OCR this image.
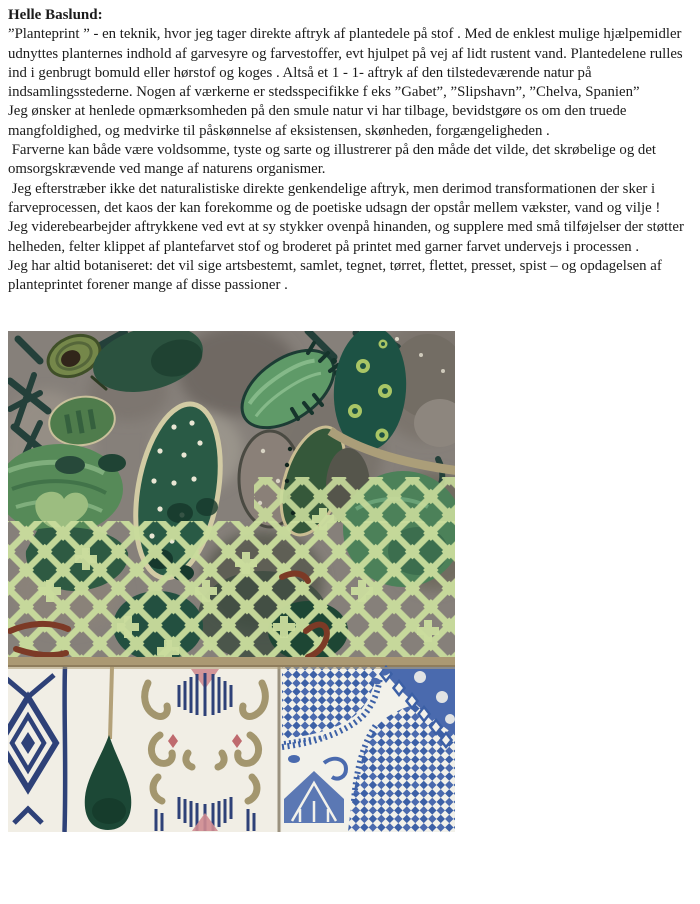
Helle Baslund:

”Planteprint ” - en teknik, hvor jeg tager direkte aftryk af plantedele på stof . Med de enklest mulige hjælpemidler udnyttes planternes indhold af garvesyre og farvestoffer, evt hjulpet på vej af lidt rustent vand. Plantedelene rulles ind i genbrugt bomuld eller hørstof og koges . Altså et 1 - 1- aftryk af den tilstedeværende natur på indsamlingsstederne. Nogen af værkerne er stedsspecifikke f eks ”Gabet”, ”Slipshavn”, ”Chelva, Spanien”

Jeg ønsker at henlede opmærksomheden på den smule natur vi har tilbage, bevidstgøre os om den truede mangfoldighed, og medvirke til påskønnelse af eksistensen, skønheden, forgængeligheden .

Farverne kan både være voldsomme, tyste og sarte og illustrerer på den måde det vilde, det skrøbelige og det omsorgskrævende ved mange af naturens organismer.

Jeg efterstræber ikke det naturalistiske direkte genkendelige aftryk, men derimod transformationen der sker i farveprocessen, det kaos der kan forekomme og de poetiske udsagn der opstår mellem vækster, vand og vilje !

Jeg viderebearbejder aftrykkene ved evt at sy stykker ovenpå hinanden, og supplere med små tilføjelser der støtter helheden, felter klippet af plantefarvet stof og broderet på printet med garner farvet undervejs i processen .

Jeg har altid botaniseret: det vil sige artsbestemt, samlet, tegnet, tørret, flettet, presset, spist – og opdagelsen af planteprintet forener mange af disse passioner .
